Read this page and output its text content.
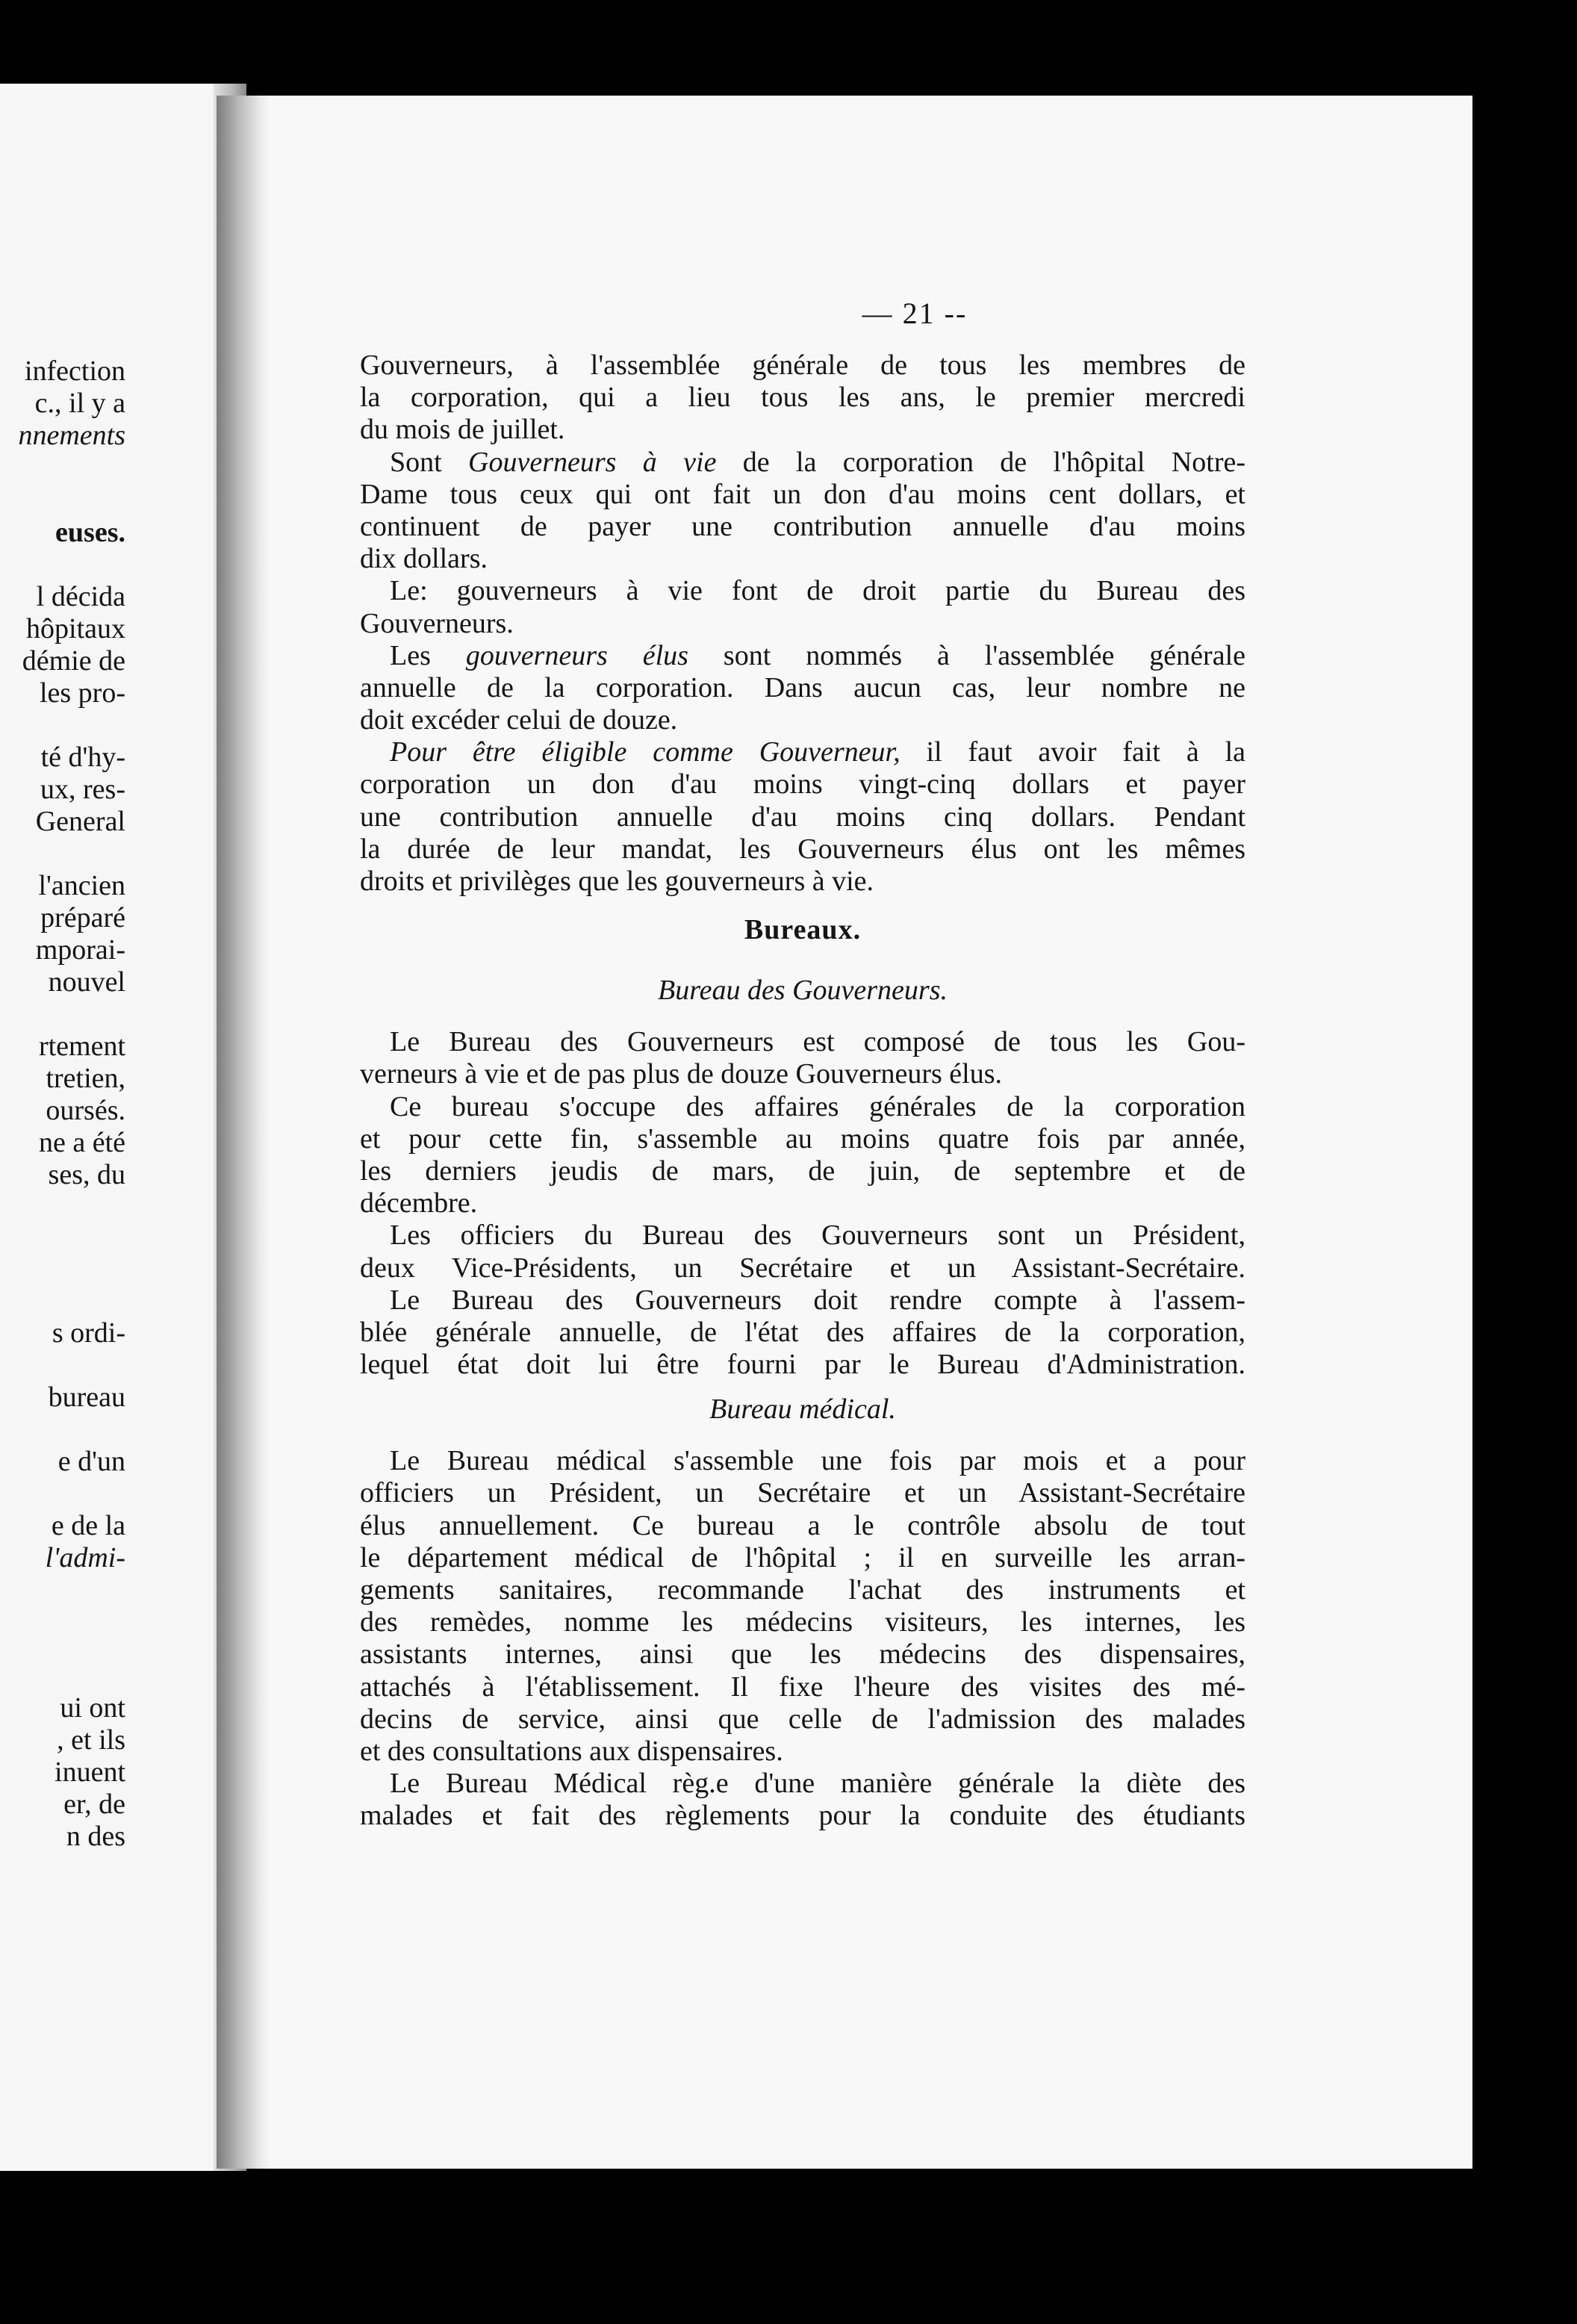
infection
c., il y a
nnements
euses.
l décida
hôpitaux
démie de
les pro-
té d'hy-
ux, res-
General
l'ancien
préparé
mporai-
nouvel
rtement
tretien,
oursés.
ne a été
ses, du
s ordi-
bureau
e d'un
e de la
l'admi-
ui ont
, et ils
inuent
er, de
n des
— 21 --
Gouverneurs, à l'assemblée générale de tous les membres de
la corporation, qui a lieu tous les ans, le premier mercredi
du mois de juillet.
Sont Gouverneurs à vie de la corporation de l'hôpital Notre-
Dame tous ceux qui ont fait un don d'au moins cent dollars, et
continuent de payer une contribution annuelle d'au moins
dix dollars.
Le: gouverneurs à vie font de droit partie du Bureau des
Gouverneurs.
Les gouverneurs élus sont nommés à l'assemblée générale
annuelle de la corporation. Dans aucun cas, leur nombre ne
doit excéder celui de douze.
Pour être éligible comme Gouverneur, il faut avoir fait à la
corporation un don d'au moins vingt-cinq dollars et payer
une contribution annuelle d'au moins cinq dollars. Pendant
la durée de leur mandat, les Gouverneurs élus ont les mêmes
droits et privilèges que les gouverneurs à vie.
Bureaux.
Bureau des Gouverneurs.
Le Bureau des Gouverneurs est composé de tous les Gou-
verneurs à vie et de pas plus de douze Gouverneurs élus.
Ce bureau s'occupe des affaires générales de la corporation
et pour cette fin, s'assemble au moins quatre fois par année,
les derniers jeudis de mars, de juin, de septembre et de
décembre.
Les officiers du Bureau des Gouverneurs sont un Président,
deux Vice-Présidents, un Secrétaire et un Assistant-Secrétaire.
Le Bureau des Gouverneurs doit rendre compte à l'assem-
blée générale annuelle, de l'état des affaires de la corporation,
lequel état doit lui être fourni par le Bureau d'Administration.
Bureau médical.
Le Bureau médical s'assemble une fois par mois et a pour
officiers un Président, un Secrétaire et un Assistant-Secrétaire
élus annuellement. Ce bureau a le contrôle absolu de tout
le département médical de l'hôpital ; il en surveille les arran-
gements sanitaires, recommande l'achat des instruments et
des remèdes, nomme les médecins visiteurs, les internes, les
assistants internes, ainsi que les médecins des dispensaires,
attachés à l'établissement. Il fixe l'heure des visites des mé-
decins de service, ainsi que celle de l'admission des malades
et des consultations aux dispensaires.
Le Bureau Médical règ.e d'une manière générale la diète des
malades et fait des règlements pour la conduite des étudiants
